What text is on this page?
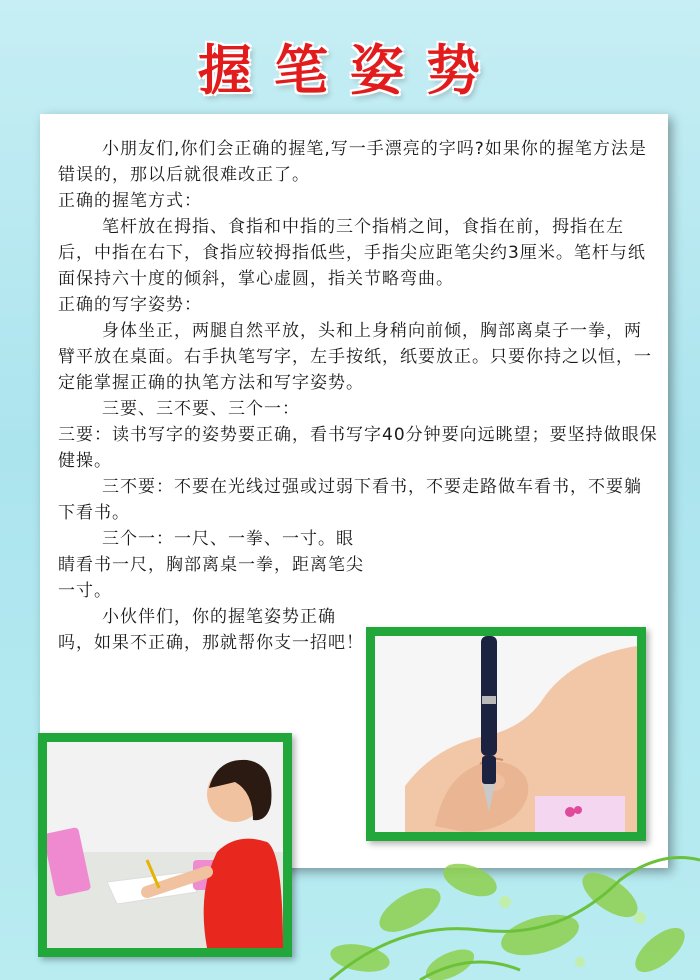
握笔姿势

小朋友们,你们会正确的握笔,写一手漂亮的字吗?如果你的握笔方法是错误的，那以后就很难改正了。

正确的握笔方式：

笔杆放在拇指、食指和中指的三个指梢之间，食指在前，拇指在左后，中指在右下，食指应较拇指低些，手指尖应距笔尖约3厘米。笔杆与纸面保持六十度的倾斜，掌心虚圆，指关节略弯曲。

正确的写字姿势：

身体坐正，两腿自然平放，头和上身稍向前倾，胸部离桌子一拳，两臂平放在桌面。右手执笔写字，左手按纸，纸要放正。只要你持之以恒，一定能掌握正确的执笔方法和写字姿势。

三要、三不要、三个一：

三要：读书写字的姿势要正确，看书写字40分钟要向远眺望；要坚持做眼保健操。

三不要：不要在光线过强或过弱下看书，不要走路做车看书，不要躺下看书。

三个一：一尺、一拳、一寸。眼睛看书一尺，胸部离桌一拳，距离笔尖一寸。

小伙伴们，你的握笔姿势正确吗，如果不正确，那就帮你支一招吧！
